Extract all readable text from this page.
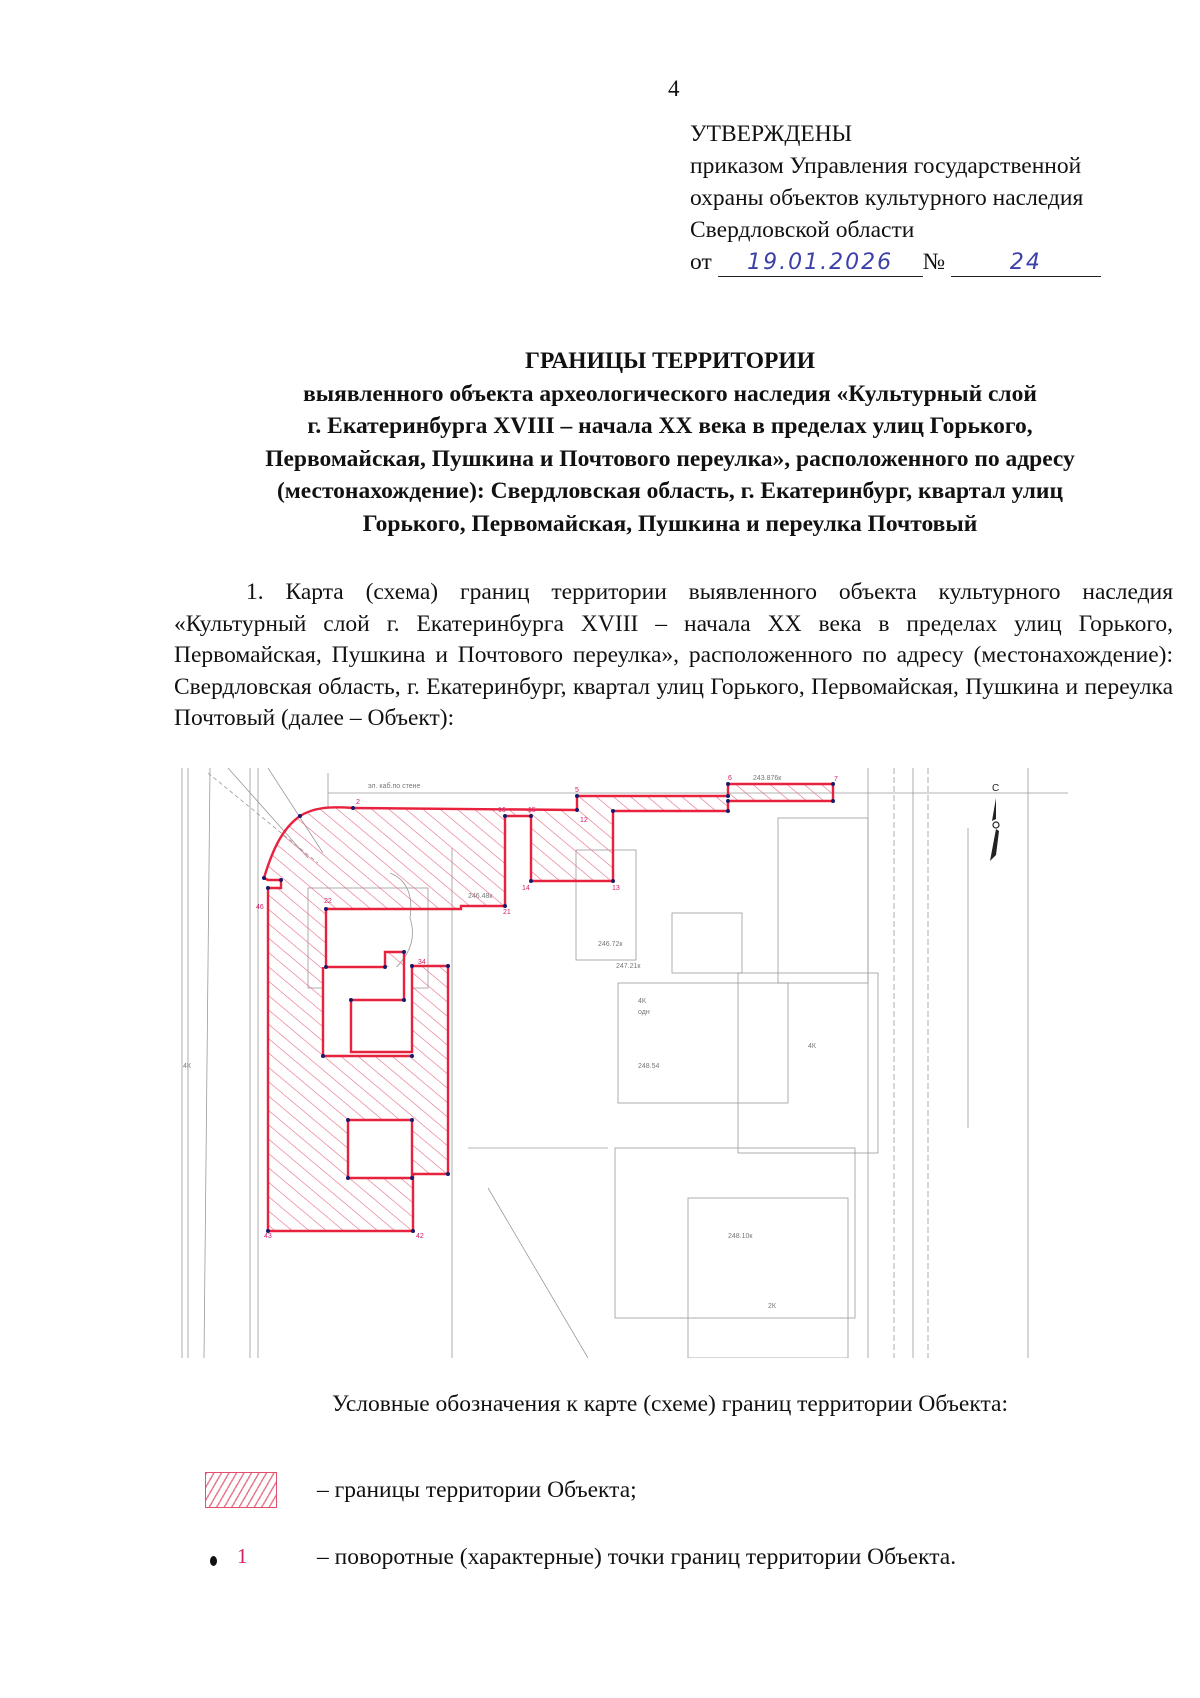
4
УТВЕРЖДЕНЫ
приказом Управления государственной
охраны объектов культурного наследия
Свердловской области
от 19.01.2026 №	24
ГРАНИЦЫ ТЕРРИТОРИИ
выявленного объекта археологического наследия «Культурный слой
г. Екатеринбурга XVIII – начала XX века в пределах улиц Горького,
Первомайская, Пушкина и Почтового переулка», расположенного по адресу
(местонахождение): Свердловская область, г. Екатеринбург, квартал улиц
Горького, Первомайская, Пушкина и переулка Почтовый
1. Карта (схема) границ территории выявленного объекта культурного наследия «Культурный слой г. Екатеринбурга XVIII – начала XX века в пределах улиц Горького, Первомайская, Пушкина и Почтового переулка», расположенного по адресу (местонахождение): Свердловская область, г. Екатеринбург, квартал улиц Горького, Первомайская, Пушкина и переулка Почтовый (далее – Объект):
эл. каб.по стене
243.876к
246.72к
247.21к
4К
одн
4К
4К
2К
248.10к
248.54
5
6	7
21
12
13
14
15
16
46
22
2
43	42
34
С
Условные обозначения к карте (схеме) границ территории Объекта:
– границы территории Объекта;
1	– поворотные (характерные) точки границ территории Объекта.
